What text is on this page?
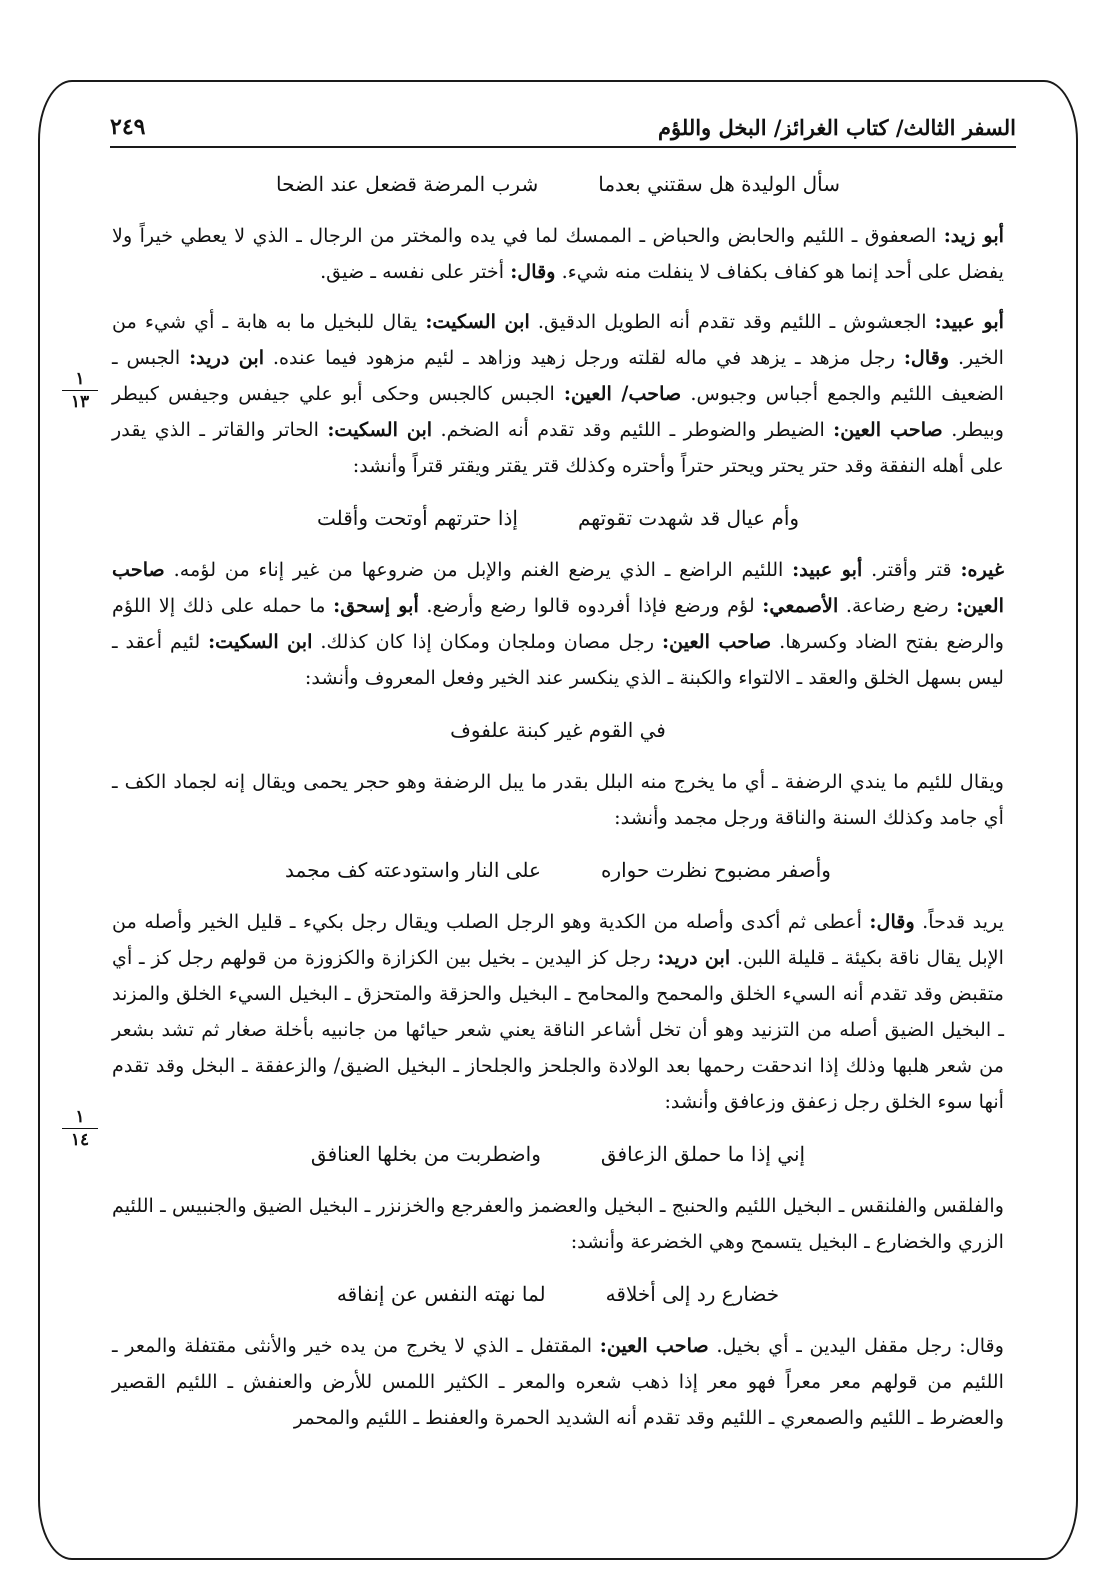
السفر الثالث/ كتاب الغرائز/ البخل واللؤم
٢٤٩
١
١٣
١
١٤
سأل الوليدة هل سقتني بعدما
شرب المرضة قضعل عند الضحا

أبو زيد: الصعفوق ـ اللئيم والحابض والحباض ـ الممسك لما في يده والمختر من الرجال ـ الذي لا يعطي خيراً ولا يفضل على أحد إنما هو كفاف بكفاف لا ينفلت منه شيء. وقال: أختر على نفسه ـ ضيق.

أبو عبيد: الجعشوش ـ اللئيم وقد تقدم أنه الطويل الدقيق. ابن السكيت: يقال للبخيل ما به هابة ـ أي شيء من الخير. وقال: رجل مزهد ـ يزهد في ماله لقلته ورجل زهيد وزاهد ـ لئيم مزهود فيما عنده. ابن دريد: الجبس ـ الضعيف اللئيم والجمع أجباس وجبوس. صاحب/ العين: الجبس كالجبس وحكى أبو علي جيفس وجيفس كبيطر وبيطر. صاحب العين: الضيطر والضوطر ـ اللئيم وقد تقدم أنه الضخم. ابن السكيت: الحاتر والقاتر ـ الذي يقدر على أهله النفقة وقد حتر يحتر ويحتر حتراً وأحتره وكذلك قتر يقتر ويقتر قتراً وأنشد:

وأم عيال قد شهدت تقوتهم
إذا حترتهم أوتحت وأقلت

غيره: قتر وأقتر. أبو عبيد: اللئيم الراضع ـ الذي يرضع الغنم والإبل من ضروعها من غير إناء من لؤمه. صاحب العين: رضع رضاعة. الأصمعي: لؤم ورضع فإذا أفردوه قالوا رضع وأرضع. أبو إسحق: ما حمله على ذلك إلا اللؤم والرضع بفتح الضاد وكسرها. صاحب العين: رجل مصان وملجان ومكان إذا كان كذلك. ابن السكيت: لئيم أعقد ـ ليس بسهل الخلق والعقد ـ الالتواء والكبنة ـ الذي ينكسر عند الخير وفعل المعروف وأنشد:

في القوم غير كبنة علفوف

ويقال للئيم ما يندي الرضفة ـ أي ما يخرج منه البلل بقدر ما يبل الرضفة وهو حجر يحمى ويقال إنه لجماد الكف ـ أي جامد وكذلك السنة والناقة ورجل مجمد وأنشد:

وأصفر مضبوح نظرت حواره
على النار واستودعته كف مجمد

يريد قدحاً. وقال: أعطى ثم أكدى وأصله من الكدية وهو الرجل الصلب ويقال رجل بكيء ـ قليل الخير وأصله من الإبل يقال ناقة بكيئة ـ قليلة اللبن. ابن دريد: رجل كز اليدين ـ بخيل بين الكزازة والكزوزة من قولهم رجل كز ـ أي متقبض وقد تقدم أنه السيء الخلق والمحمح والمحامح ـ البخيل والحزقة والمتحزق ـ البخيل السيء الخلق والمزند ـ البخيل الضيق أصله من التزنيد وهو أن تخل أشاعر الناقة يعني شعر حيائها من جانبيه بأخلة صغار ثم تشد بشعر من شعر هلبها وذلك إذا اندحقت رحمها بعد الولادة والجلحز والجلحاز ـ البخيل الضيق/ والزعفقة ـ البخل وقد تقدم أنها سوء الخلق رجل زعفق وزعافق وأنشد:

إني إذا ما حملق الزعافق
واضطربت من بخلها العنافق

والفلقس والفلنقس ـ البخيل اللئيم والحنبج ـ البخيل والعضمز والعفرجع والخزنزر ـ البخيل الضيق والجنبيس ـ اللئيم الزري والخضارع ـ البخيل يتسمح وهي الخضرعة وأنشد:

خضارع رد إلى أخلاقه
لما نهته النفس عن إنفاقه

وقال: رجل مقفل اليدين ـ أي بخيل. صاحب العين: المقتفل ـ الذي لا يخرج من يده خير والأنثى مقتفلة والمعر ـ اللئيم من قولهم معر معراً فهو معر إذا ذهب شعره والمعر ـ الكثير اللمس للأرض والعنفش ـ اللئيم القصير والعضرط ـ اللئيم والصمعري ـ اللئيم وقد تقدم أنه الشديد الحمرة والعفنط ـ اللئيم والمحمر
